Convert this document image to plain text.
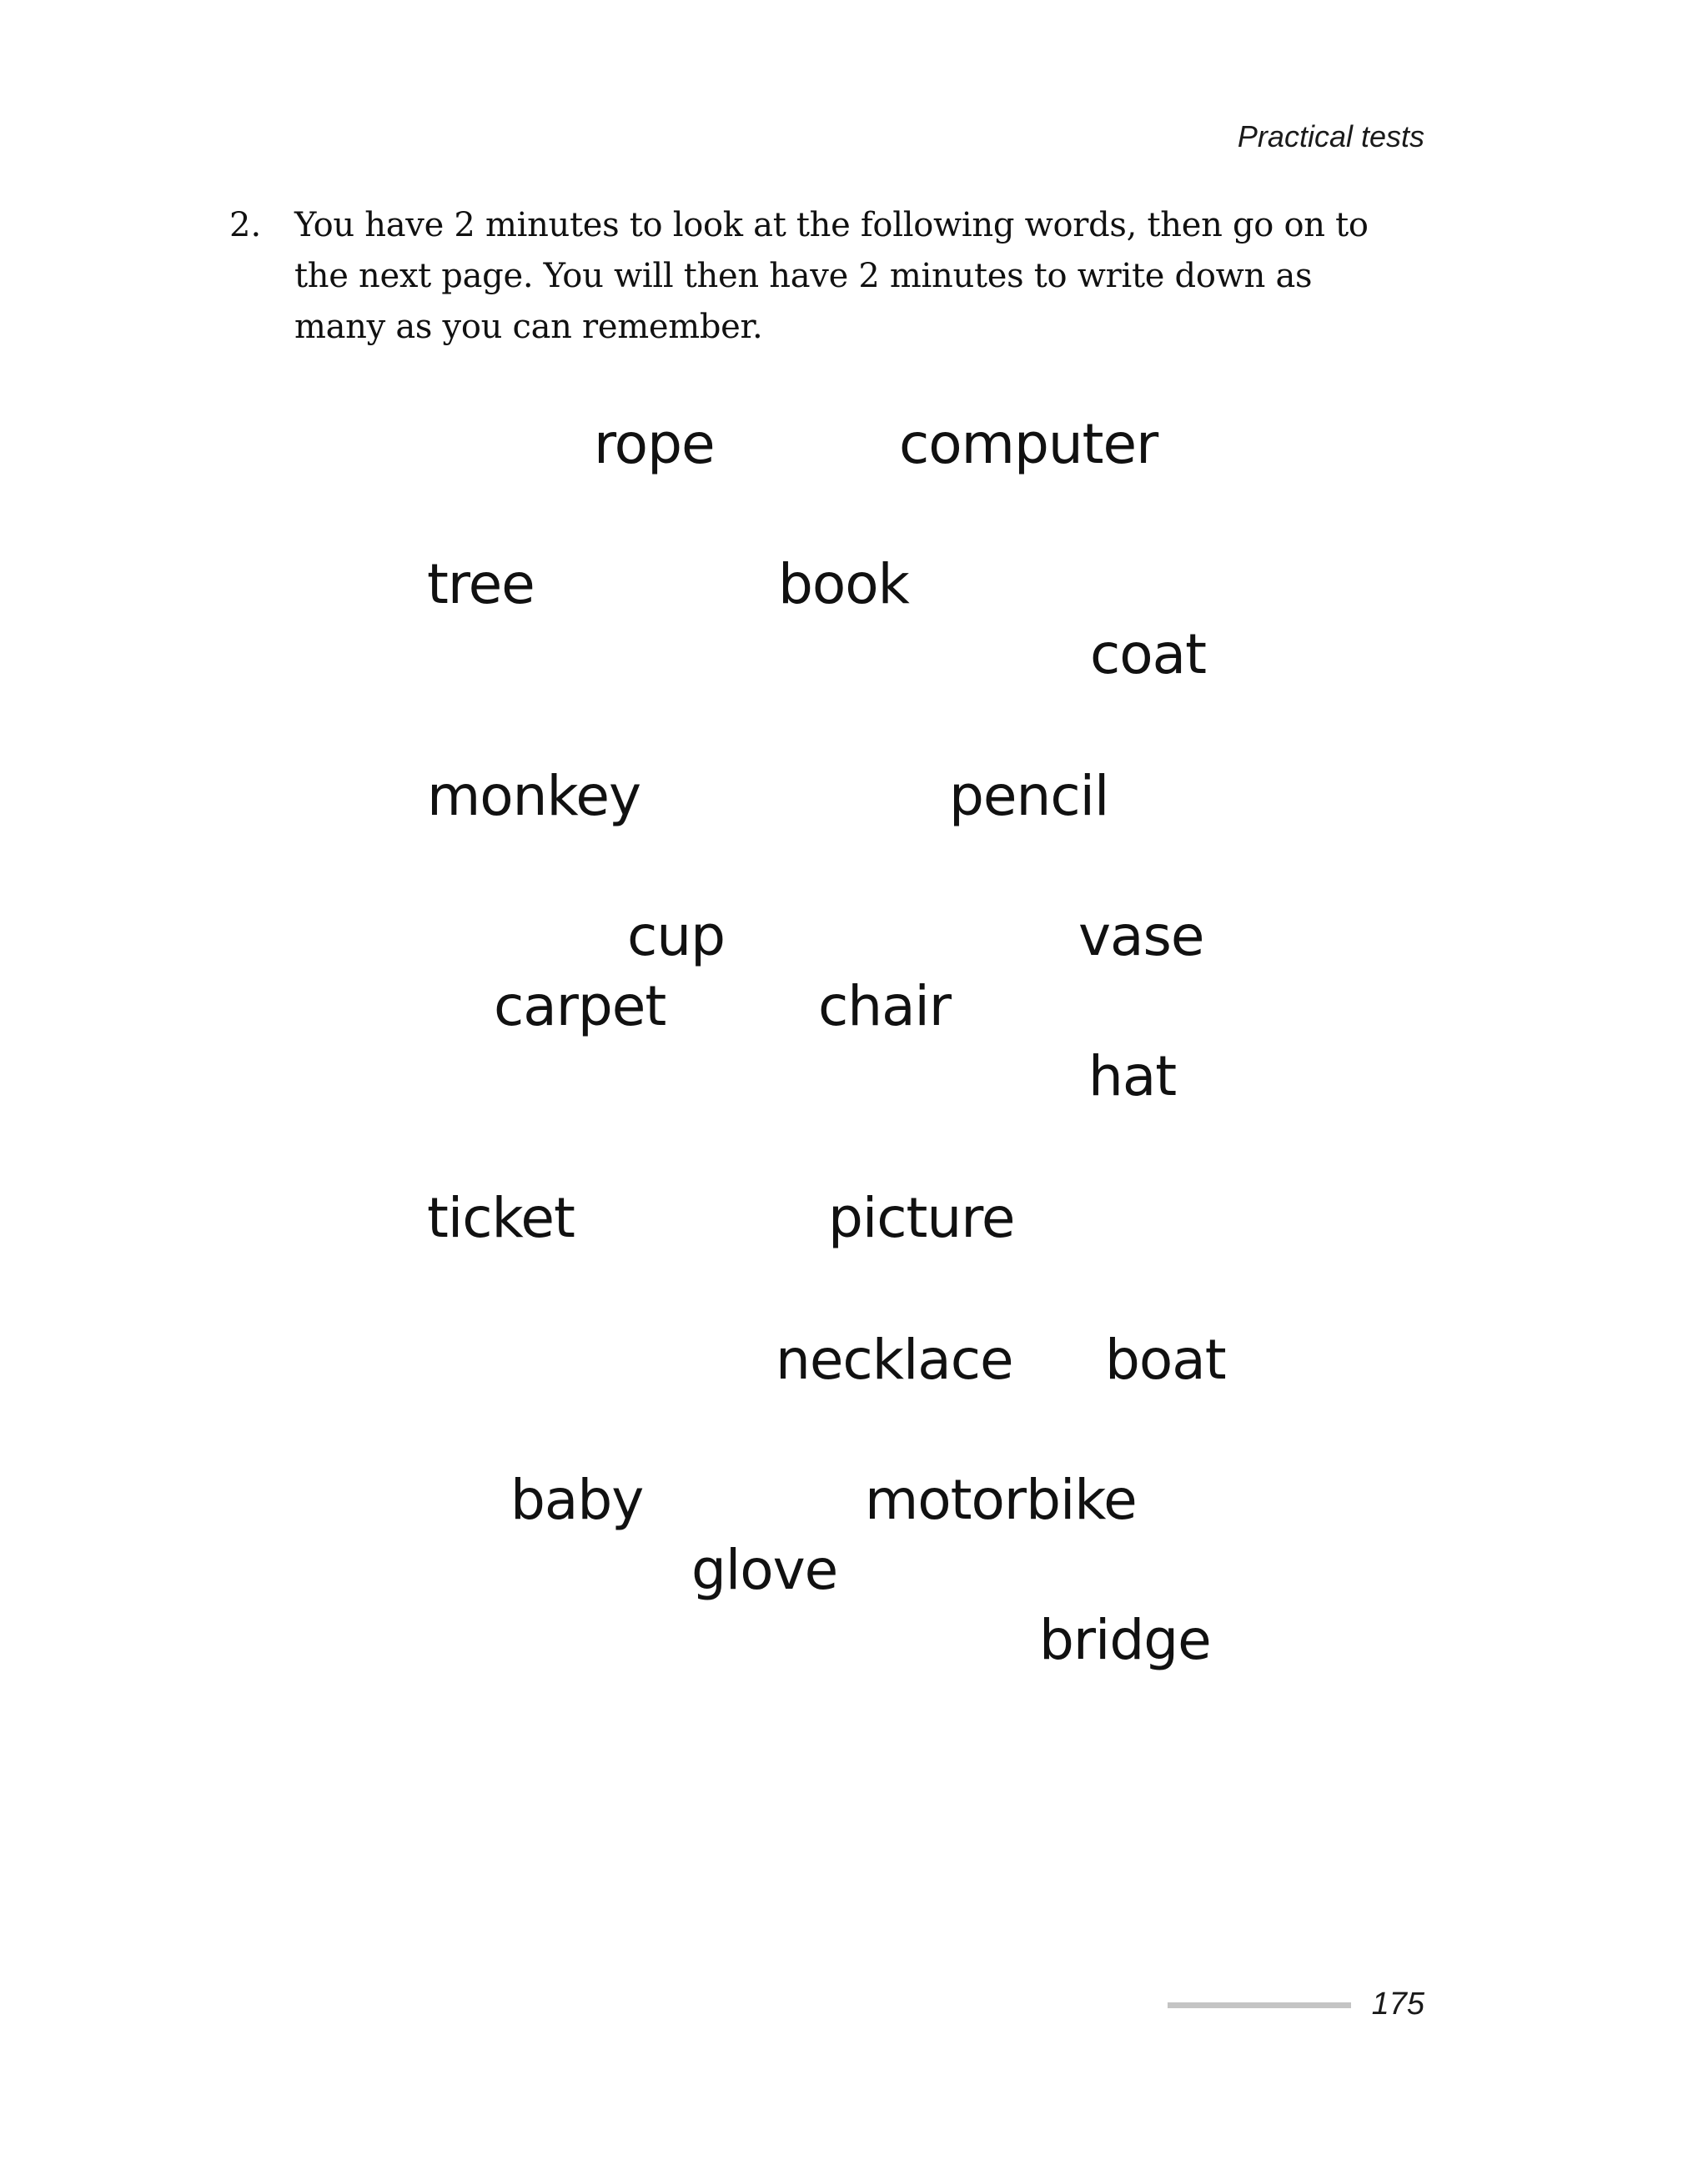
Practical tests
2. You have 2 minutes to look at the following words, then go on to the next page. You will then have 2 minutes to write down as many as you can remember.
rope	computer
tree	book
coat
monkey	pencil
cup	vase
carpet	chair
hat
ticket	picture
necklace boat
baby	motorbike
glove
bridge
175
